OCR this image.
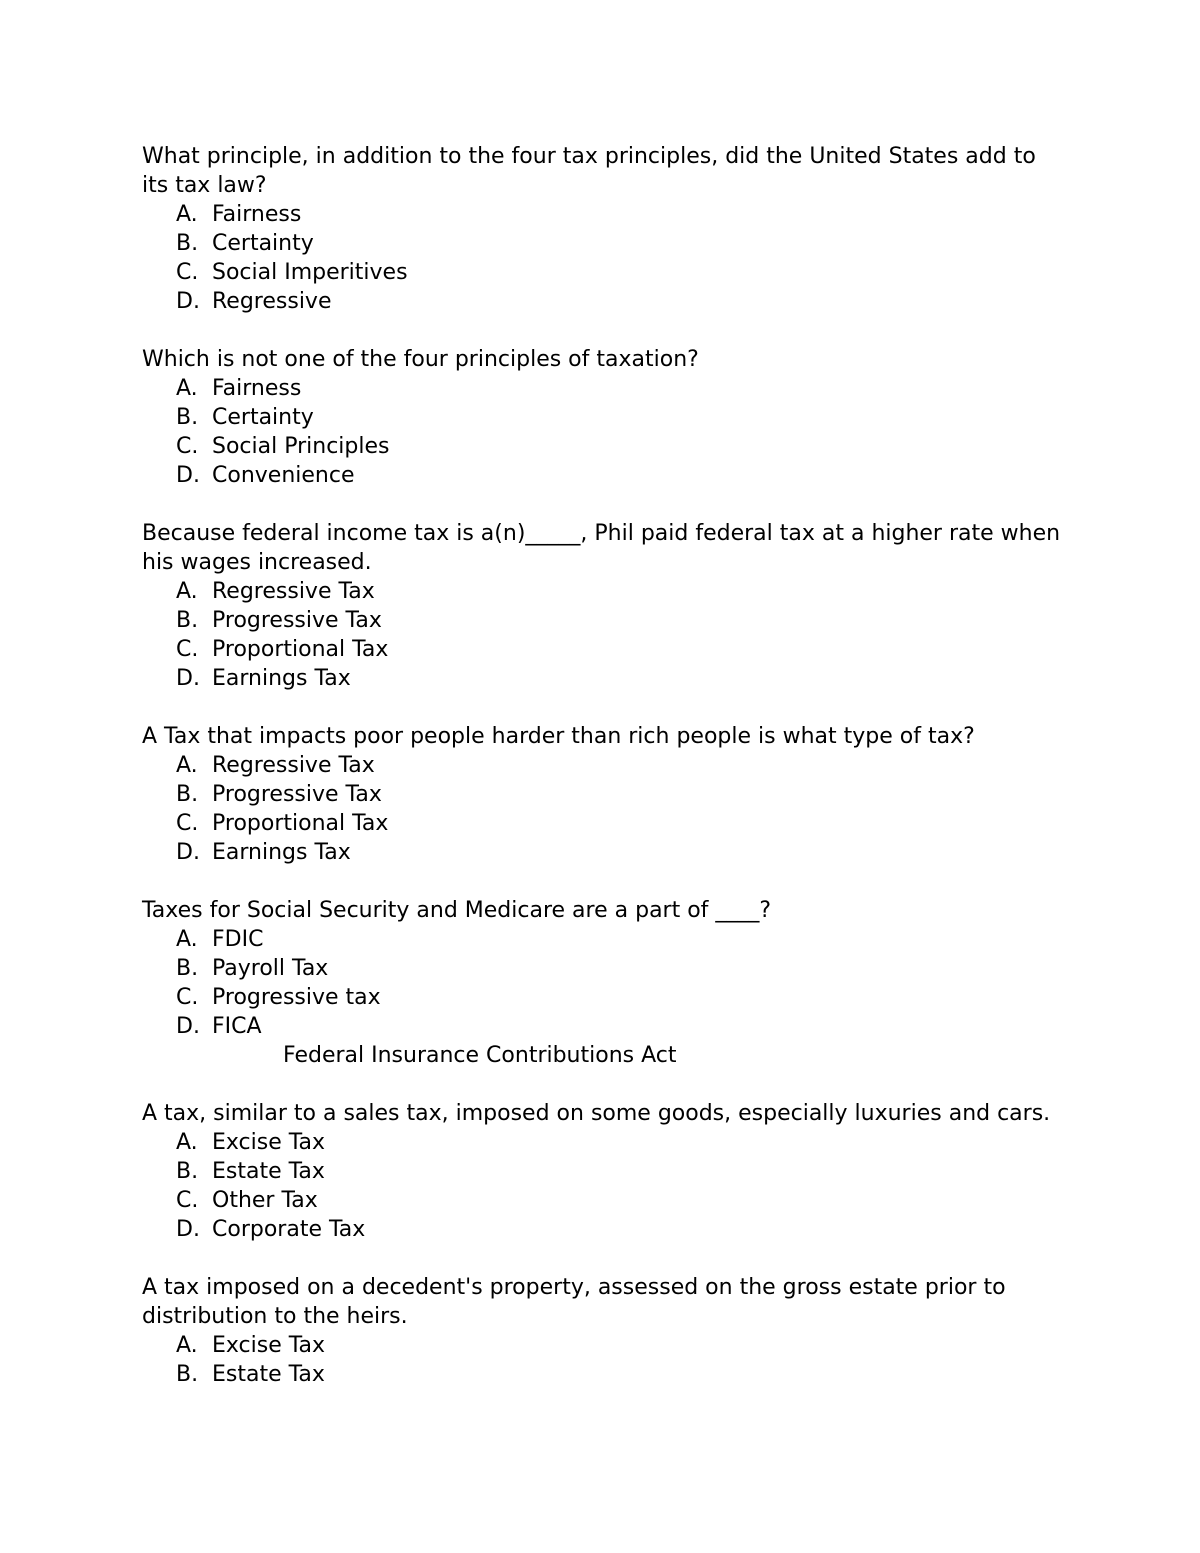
What principle, in addition to the four tax principles, did the United States add to its tax law?

A. Fairness
B. Certainty
C. Social Imperitives
D. Regressive

Which is not one of the four principles of taxation?

A. Fairness
B. Certainty
C. Social Principles
D. Convenience

Because federal income tax is a(n)_____, Phil paid federal tax at a higher rate when his wages increased.

A. Regressive Tax
B. Progressive Tax
C. Proportional Tax
D. Earnings Tax

A Tax that impacts poor people harder than rich people is what type of tax?

A. Regressive Tax
B. Progressive Tax
C. Proportional Tax
D. Earnings Tax

Taxes for Social Security and Medicare are a part of ____?

A. FDIC
B. Payroll Tax
C. Progressive tax
D. FICA

Federal Insurance Contributions Act

A tax, similar to a sales tax, imposed on some goods, especially luxuries and cars.

A. Excise Tax
B. Estate Tax
C. Other Tax
D. Corporate Tax

A tax imposed on a decedent's property, assessed on the gross estate prior to distribution to the heirs.

A. Excise Tax
B. Estate Tax
